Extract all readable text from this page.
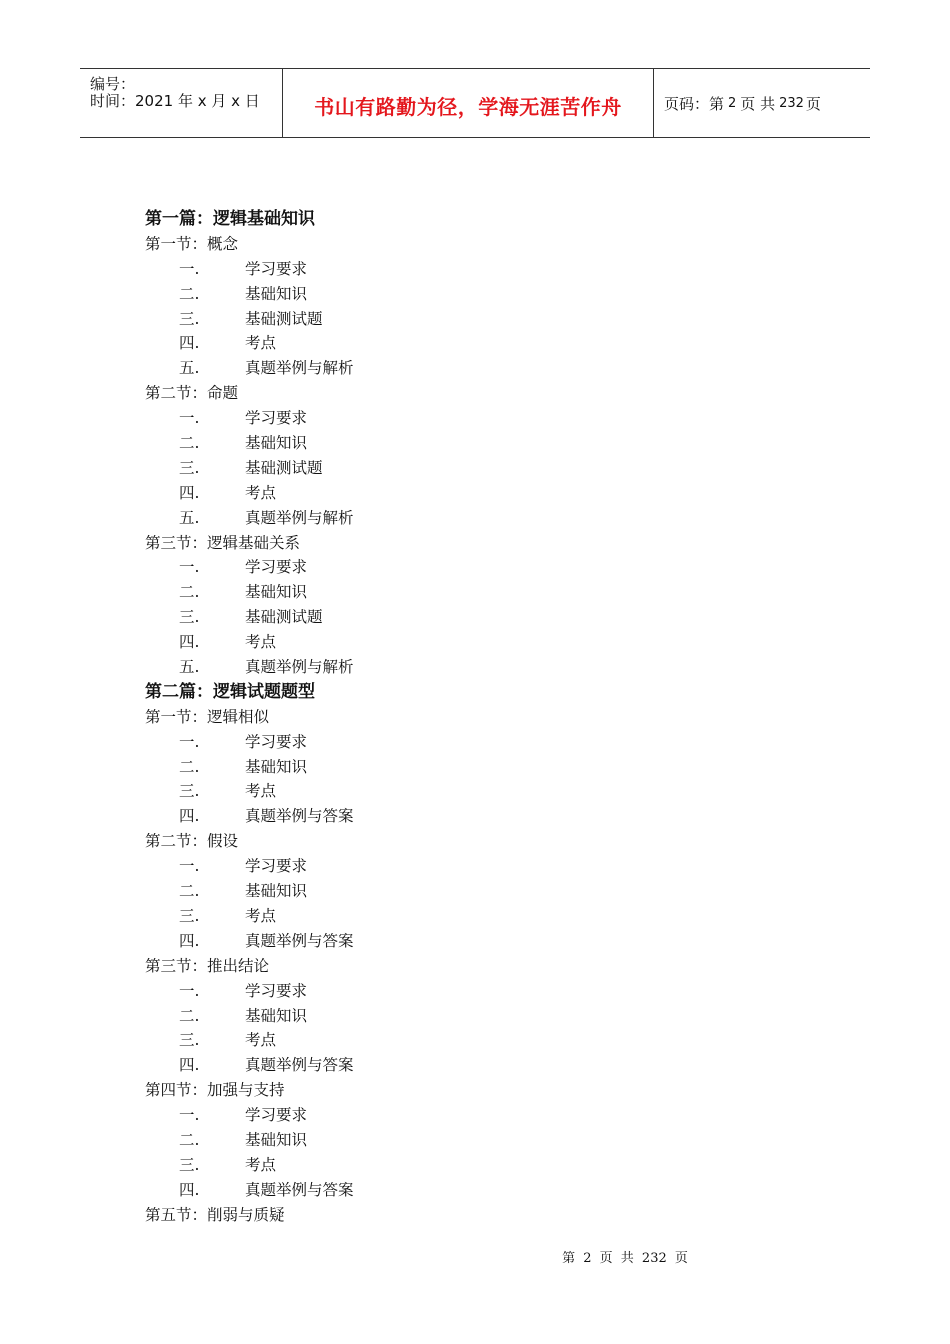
编号：
时间：2021 年 x 月 x 日	书山有路勤为径，学海无涯苦作舟	页码：第 2 页 共 232 页
第一篇：逻辑基础知识
第一节：概念
一.	学习要求
二.	基础知识
三.	基础测试题
四.	考点
五.	真题举例与解析
第二节：命题
一.	学习要求
二.	基础知识
三.	基础测试题
四.	考点
五.	真题举例与解析
第三节：逻辑基础关系
一.	学习要求
二.	基础知识
三.	基础测试题
四.	考点
五.	真题举例与解析
第二篇：逻辑试题题型
第一节：逻辑相似
一.	学习要求
二.	基础知识
三.	考点
四.	真题举例与答案
第二节：假设
一.	学习要求
二.	基础知识
三.	考点
四.	真题举例与答案
第三节：推出结论
一.	学习要求
二.	基础知识
三.	考点
四.	真题举例与答案
第四节：加强与支持
一.	学习要求
二.	基础知识
三.	考点
四.	真题举例与答案
第五节：削弱与质疑
第 2 页 共 232 页
